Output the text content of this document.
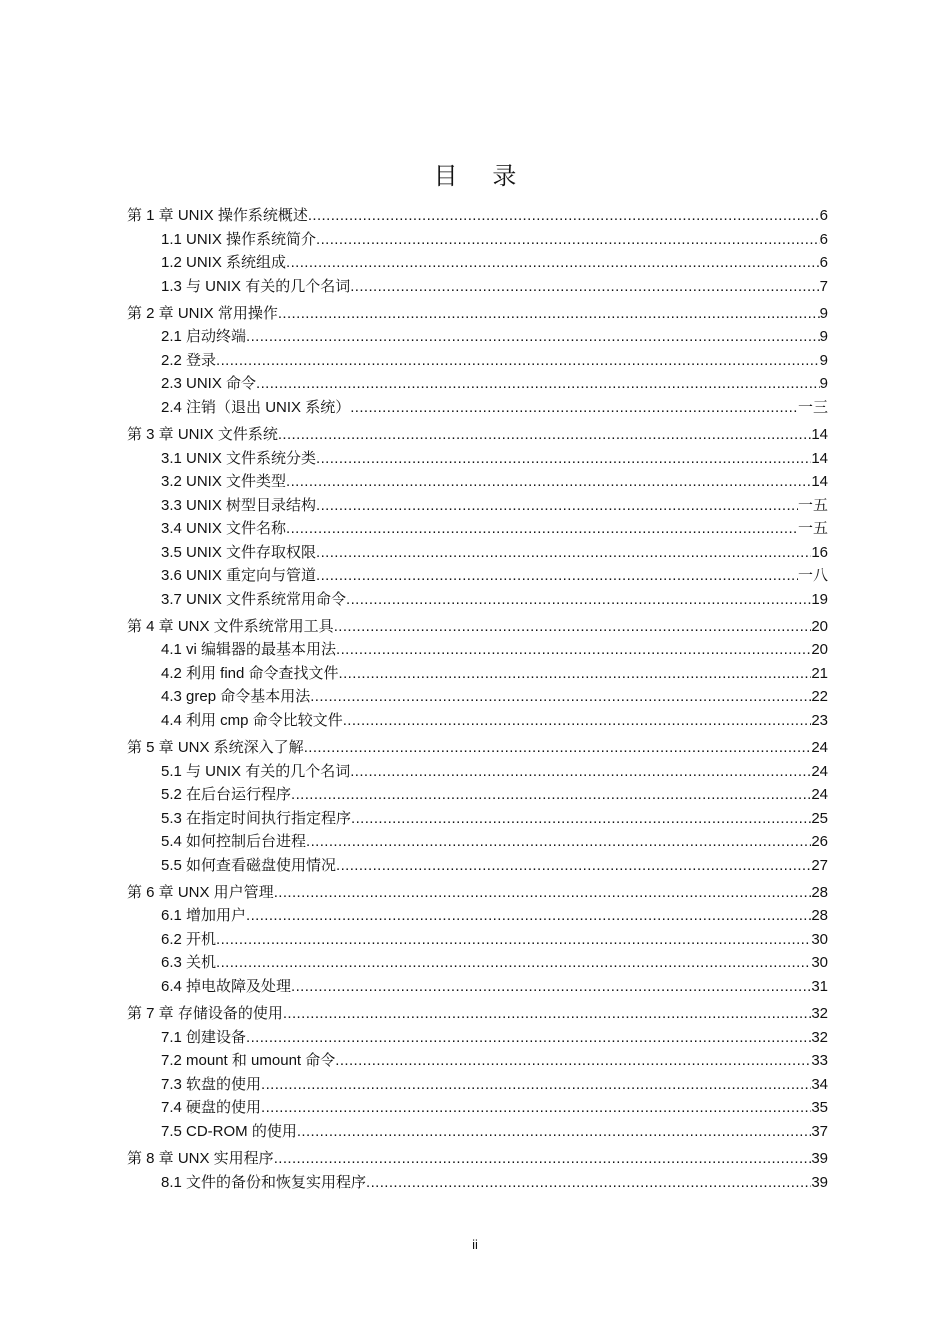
目 录
第 1 章 UNIX 操作系统概述 .....	6
1.1 UNIX 操作系统简介 .....	6
1.2 UNIX 系统组成 .....	6
1.3 与 UNIX 有关的几个名词 .....	7
第 2 章 UNIX 常用操作 .....	9
2.1 启动终端 .....	9
2.2 登录 .....	9
2.3 UNIX 命令 .....	9
2.4 注销（退出 UNIX 系统） .....	一三
第 3 章 UNIX 文件系统 .....	14
3.1 UNIX 文件系统分类 .....	14
3.2 UNIX 文件类型 .....	14
3.3 UNIX 树型目录结构 .....	一五
3.4 UNIX 文件名称 .....	一五
3.5 UNIX 文件存取权限 .....	16
3.6 UNIX 重定向与管道 .....	一八
3.7 UNIX 文件系统常用命令 .....	19
第 4 章 UNX 文件系统常用工具 .....	20
4.1 vi 编辑器的最基本用法 .....	20
4.2 利用 find 命令查找文件 .....	21
4.3 grep 命令基本用法 .....	22
4.4 利用 cmp 命令比较文件 .....	23
第 5 章 UNX 系统深入了解 .....	24
5.1 与 UNIX 有关的几个名词 .....	24
5.2 在后台运行程序 .....	24
5.3 在指定时间执行指定程序 .....	25
5.4 如何控制后台进程 .....	26
5.5 如何查看磁盘使用情况 .....	27
第 6 章 UNX 用户管理 .....	28
6.1 增加用户 .....	28
6.2 开机 .....	30
6.3 关机 .....	30
6.4 掉电故障及处理 .....	31
第 7 章 存储设备的使用 .....	32
7.1 创建设备 .....	32
7.2 mount 和 umount 命令 .....	33
7.3 软盘的使用 .....	34
7.4 硬盘的使用 .....	35
7.5 CD-ROM 的使用 .....	37
第 8 章 UNX 实用程序 .....	39
8.1 文件的备份和恢复实用程序 .....	39
ii
